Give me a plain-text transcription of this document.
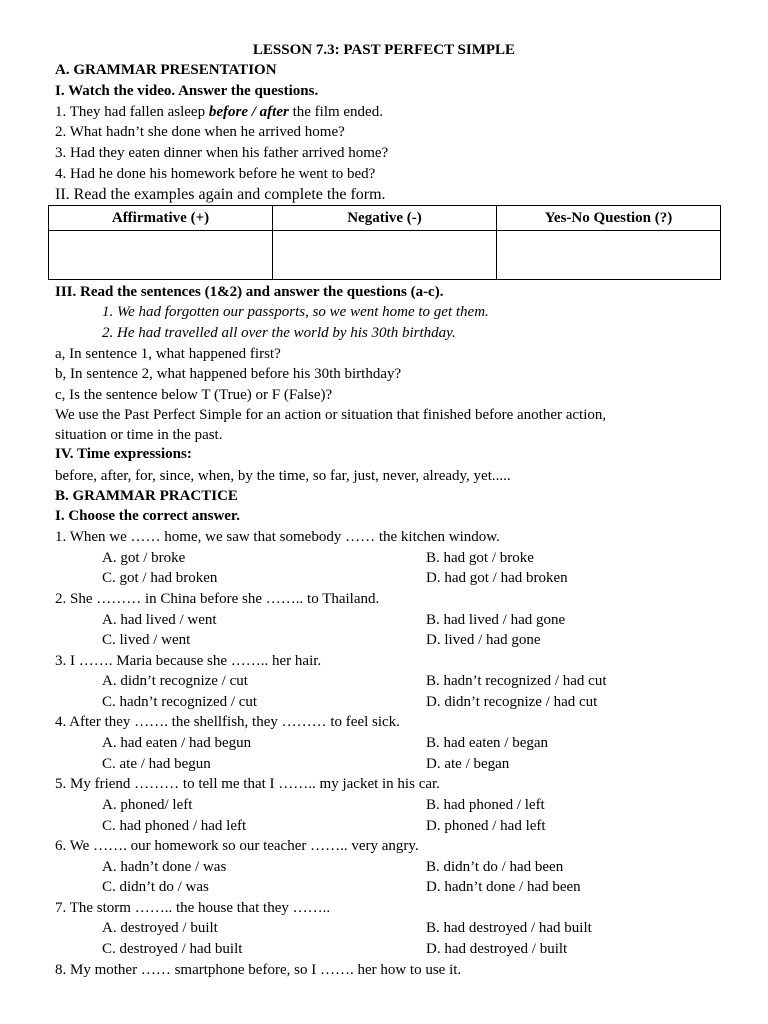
LESSON 7.3: PAST PERFECT SIMPLE
A. GRAMMAR PRESENTATION
I. Watch the video. Answer the questions.
1. They had fallen asleep before / after the film ended.
2. What hadn’t she done when he arrived home?
3. Had they eaten dinner when his father arrived home?
4. Had he done his homework before he went to bed?
II. Read the examples again and complete the form.
Affirmative (+)	Negative (-)	Yes-No Question (?)

III. Read the sentences (1&2) and answer the questions (a-c).
1. We had forgotten our passports, so we went home to get them.
2. He had travelled all over the world by his 30th birthday.
a, In sentence 1, what happened first?
b, In sentence 2, what happened before his 30th birthday?
c, Is the sentence below T (True) or F (False)?
We use the Past Perfect Simple for an action or situation that finished before another action,
situation or time in the past.
IV. Time expressions:
before, after, for, since, when, by the time, so far, just, never, already, yet.....
B. GRAMMAR PRACTICE
I. Choose the correct answer.
1. When we …… home, we saw that somebody …… the kitchen window.
A. got / broke	B. had got / broke
C. got / had broken	D. had got / had broken
2. She ……… in China before she …….. to Thailand.
A. had lived / went	B. had lived / had gone
C. lived / went	D. lived / had gone
3. I ……. Maria because she …….. her hair.
A. didn’t recognize / cut	B. hadn’t recognized / had cut
C. hadn’t recognized / cut	D. didn’t recognize / had cut
4. After they ……. the shellfish, they ……… to feel sick.
A. had eaten / had begun	B. had eaten / began
C. ate / had begun	D. ate / began
5. My friend ……… to tell me that I …….. my jacket in his car.
A. phoned/ left	B. had phoned / left
C. had phoned / had left	D. phoned / had left
6. We ……. our homework so our teacher …….. very angry.
A. hadn’t done / was	B. didn’t do / had been
C. didn’t do / was	D. hadn’t done / had been
7. The storm …….. the house that they ……..
A. destroyed / built	B. had destroyed / had built
C. destroyed / had built	D. had destroyed / built
8. My mother …… smartphone before, so I ……. her how to use it.
